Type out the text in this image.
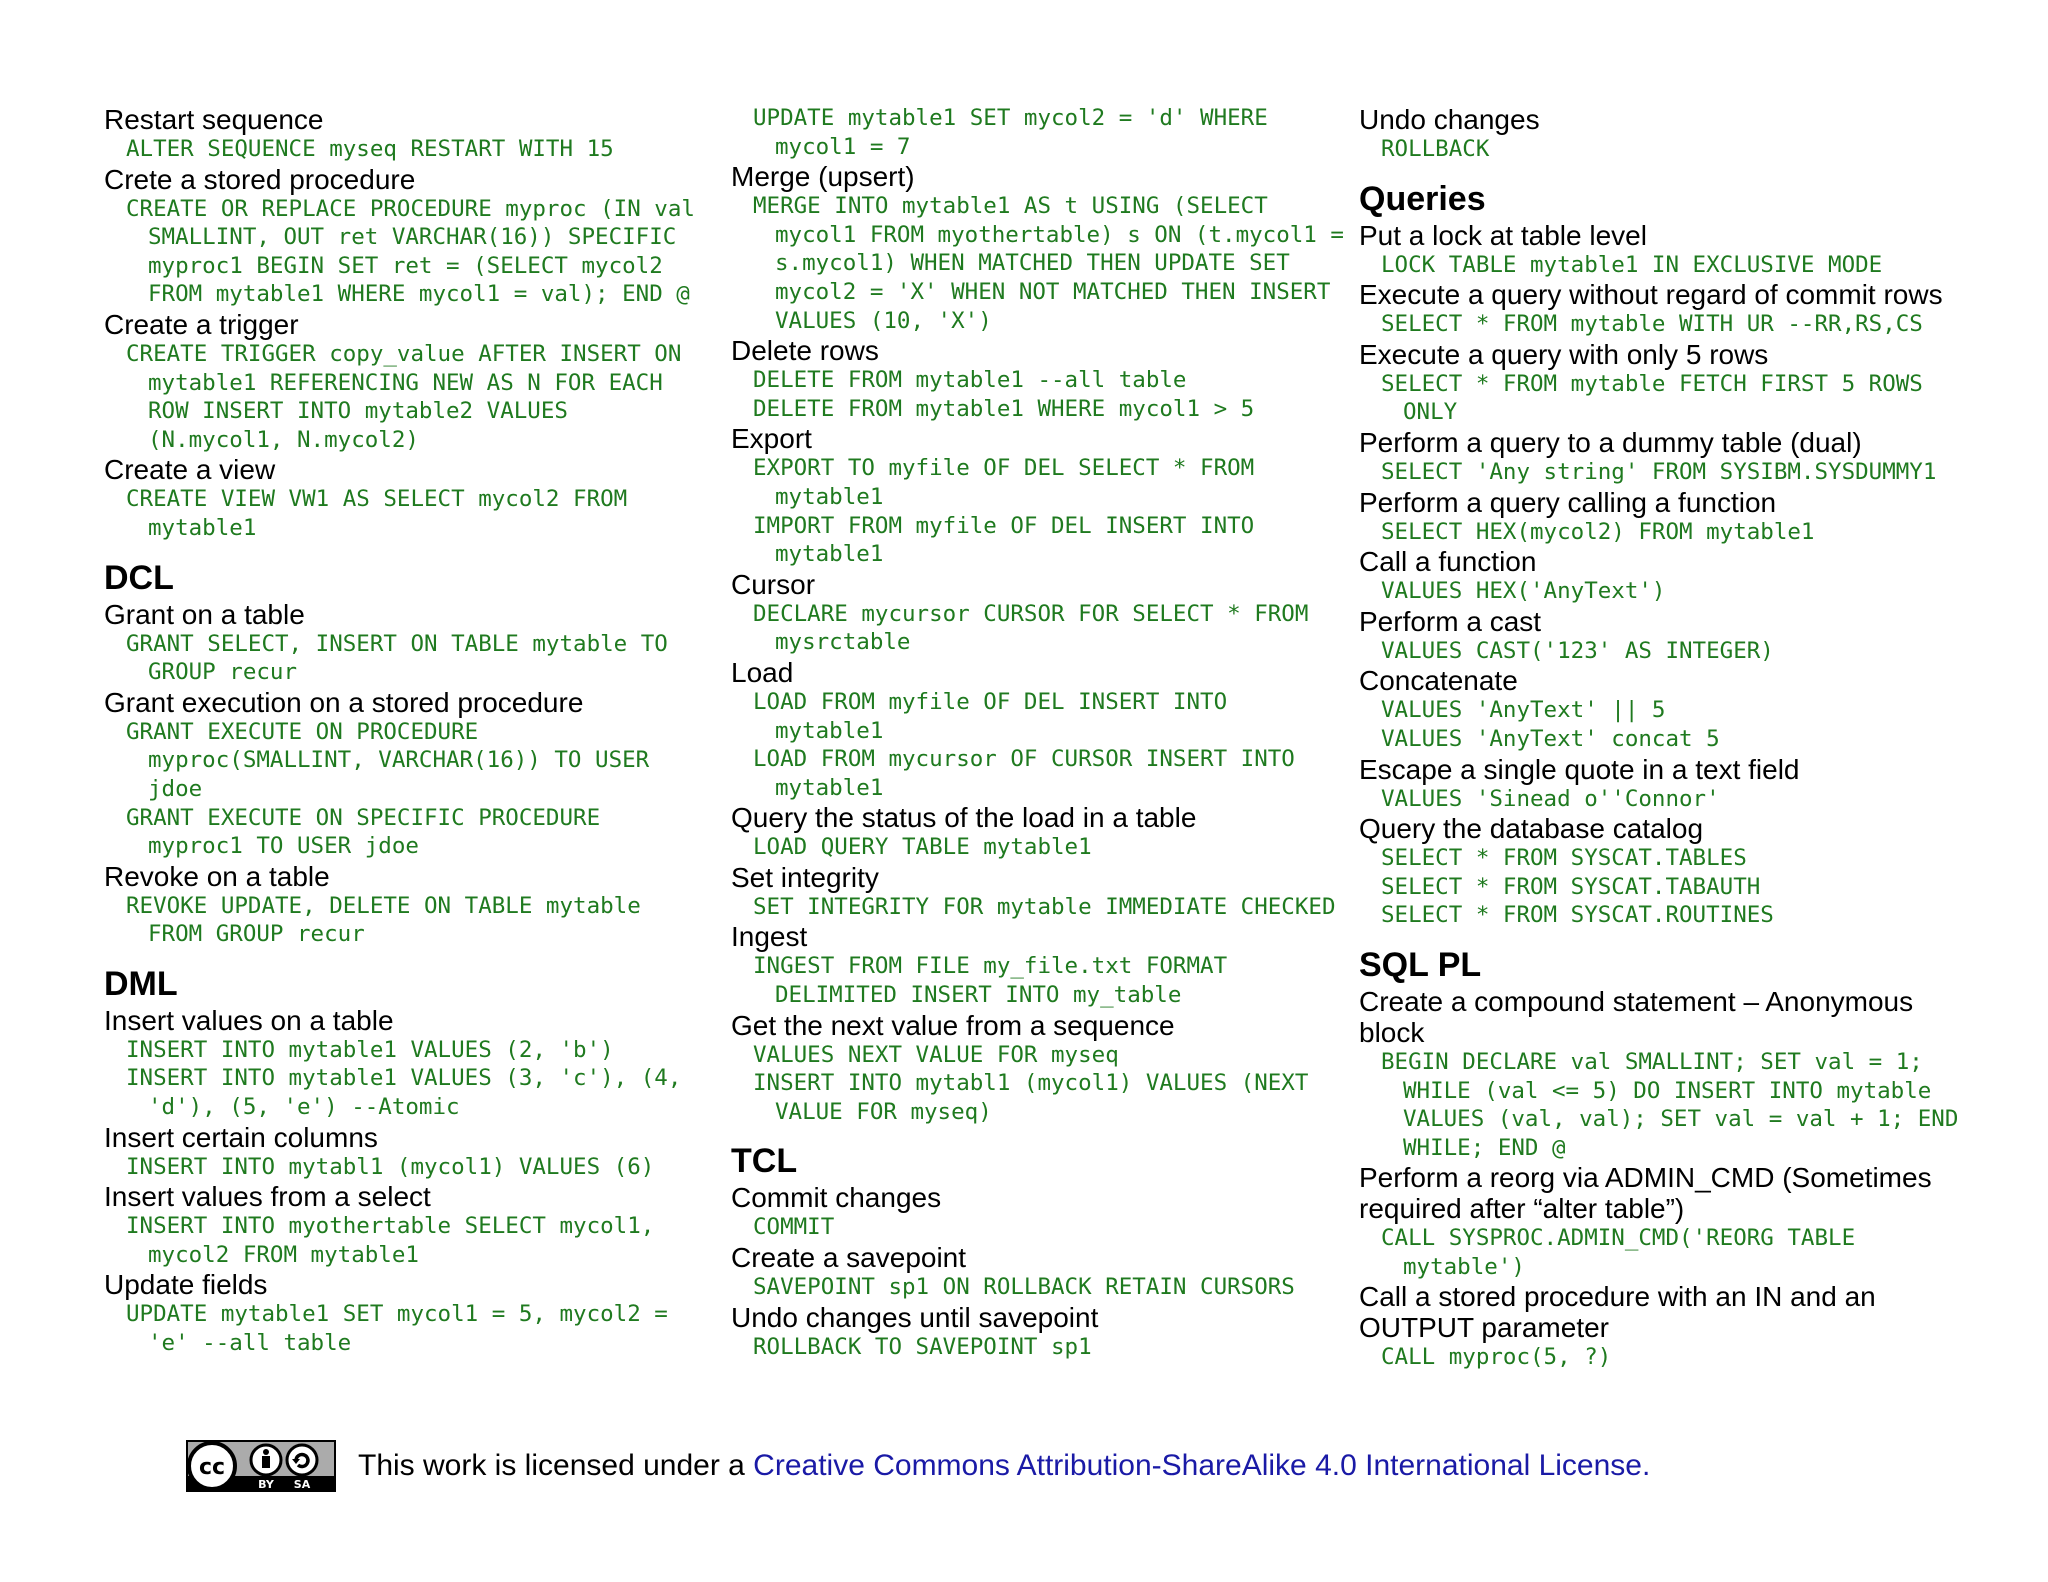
Restart sequence
ALTER SEQUENCE myseq RESTART WITH 15
Crete a stored procedure
CREATE OR REPLACE PROCEDURE myproc (IN val SMALLINT, OUT ret VARCHAR(16)) SPECIFIC myproc1 BEGIN SET ret = (SELECT mycol2 FROM mytable1 WHERE mycol1 = val); END @
Create a trigger
CREATE TRIGGER copy_value AFTER INSERT ON mytable1 REFERENCING NEW AS N FOR EACH ROW INSERT INTO mytable2 VALUES (N.mycol1, N.mycol2)
Create a view
CREATE VIEW VW1 AS SELECT mycol2 FROM mytable1
DCL
Grant on a table
GRANT SELECT, INSERT ON TABLE mytable TO GROUP recur
Grant execution on a stored procedure
GRANT EXECUTE ON PROCEDURE myproc(SMALLINT, VARCHAR(16)) TO USER jdoe
GRANT EXECUTE ON SPECIFIC PROCEDURE myproc1 TO USER jdoe
Revoke on a table
REVOKE UPDATE, DELETE ON TABLE mytable FROM GROUP recur
DML
Insert values on a table
INSERT INTO mytable1 VALUES (2, 'b')
INSERT INTO mytable1 VALUES (3, 'c'), (4, 'd'), (5, 'e') --Atomic
Insert certain columns
INSERT INTO mytabl1 (mycol1) VALUES (6)
Insert values from a select
INSERT INTO myothertable SELECT mycol1, mycol2 FROM mytable1
Update fields
UPDATE mytable1 SET mycol1 = 5, mycol2 = 'e' --all table
UPDATE mytable1 SET mycol2 = 'd' WHERE mycol1 = 7
Merge (upsert)
MERGE INTO mytable1 AS t USING (SELECT mycol1 FROM myothertable) s ON (t.mycol1 = s.mycol1) WHEN MATCHED THEN UPDATE SET mycol2 = 'X' WHEN NOT MATCHED THEN INSERT VALUES (10, 'X')
Delete rows
DELETE FROM mytable1 --all table
DELETE FROM mytable1 WHERE mycol1 > 5
Export
EXPORT TO myfile OF DEL SELECT * FROM mytable1
IMPORT FROM myfile OF DEL INSERT INTO mytable1
Cursor
DECLARE mycursor CURSOR FOR SELECT * FROM mysrctable
Load
LOAD FROM myfile OF DEL INSERT INTO mytable1
LOAD FROM mycursor OF CURSOR INSERT INTO mytable1
Query the status of the load in a table
LOAD QUERY TABLE mytable1
Set integrity
SET INTEGRITY FOR mytable IMMEDIATE CHECKED
Ingest
INGEST FROM FILE my_file.txt FORMAT DELIMITED INSERT INTO my_table
Get the next value from a sequence
VALUES NEXT VALUE FOR myseq
INSERT INTO mytabl1 (mycol1) VALUES (NEXT VALUE FOR myseq)
TCL
Commit changes
COMMIT
Create a savepoint
SAVEPOINT sp1 ON ROLLBACK RETAIN CURSORS
Undo changes until savepoint
ROLLBACK TO SAVEPOINT sp1
Undo changes
ROLLBACK
Queries
Put a lock at table level
LOCK TABLE mytable1 IN EXCLUSIVE MODE
Execute a query without regard of commit rows
SELECT * FROM mytable WITH UR --RR,RS,CS
Execute a query with only 5 rows
SELECT * FROM mytable FETCH FIRST 5 ROWS ONLY
Perform a query to a dummy table (dual)
SELECT 'Any string' FROM SYSIBM.SYSDUMMY1
Perform a query calling a function
SELECT HEX(mycol2) FROM mytable1
Call a function
VALUES HEX('AnyText')
Perform a cast
VALUES CAST('123' AS INTEGER)
Concatenate
VALUES 'AnyText' || 5
VALUES 'AnyText' concat 5
Escape a single quote in a text field
VALUES 'Sinead o''Connor'
Query the database catalog
SELECT * FROM SYSCAT.TABLES
SELECT * FROM SYSCAT.TABAUTH
SELECT * FROM SYSCAT.ROUTINES
SQL PL
Create a compound statement – Anonymous block
BEGIN DECLARE val SMALLINT; SET val = 1; WHILE (val <= 5) DO INSERT INTO mytable VALUES (val, val); SET val = val + 1; END WHILE; END @
Perform a reorg via ADMIN_CMD (Sometimes required after “alter table”)
CALL SYSPROC.ADMIN_CMD('REORG TABLE mytable')
Call a stored procedure with an IN and an OUTPUT parameter
CALL myproc(5, ?)
cc
BY SA
This work is licensed under a Creative Commons Attribution-ShareAlike 4.0 International License.
